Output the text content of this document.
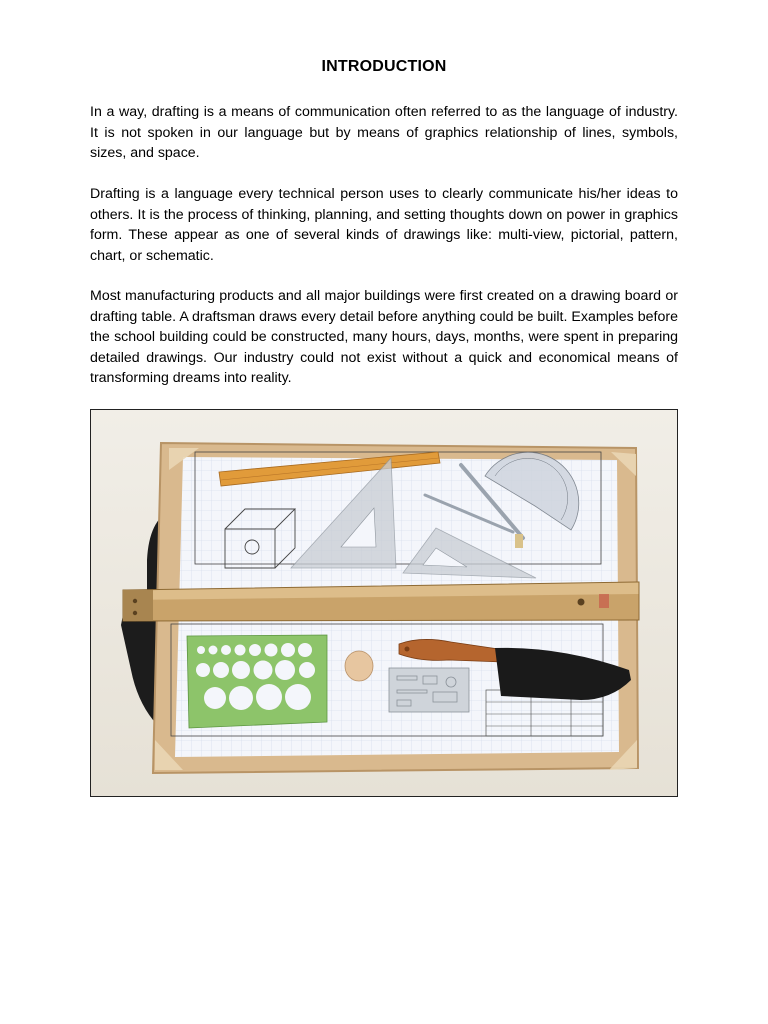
INTRODUCTION

In a way, drafting is a means of communication often referred to as the language of industry. It is not spoken in our language but by means of graphics relationship of lines, symbols, sizes, and space.

Drafting is a language every technical person uses to clearly communicate his/her ideas to others. It is the process of thinking, planning, and setting thoughts down on power in graphics form. These appear as one of several kinds of drawings like: multi-view, pictorial, pattern, chart, or schematic.

Most manufacturing products and all major buildings were first created on a drawing board or drafting table. A draftsman draws every detail before anything could be built. Examples before the school building could be constructed, many hours, days, months, were spent in preparing detailed drawings. Our industry could not exist without a quick and economical means of transforming dreams into reality.
